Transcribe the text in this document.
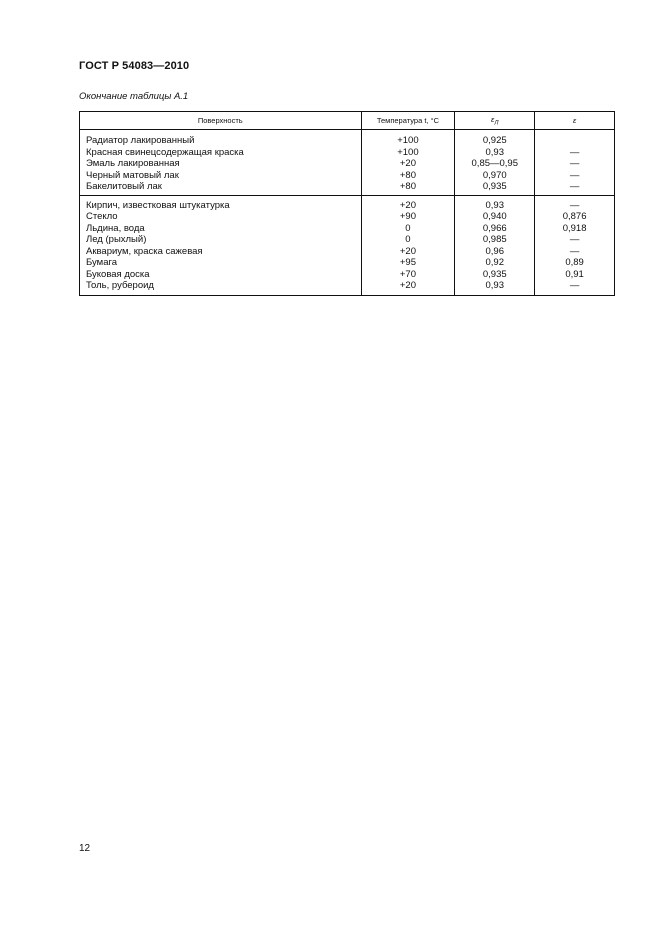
ГОСТ Р 54083—2010
Окончание таблицы А.1
Поверхность	Температура t, °С	$\varepsilon_Л$	ε
Радиатор лакированный	+100	0,925	
Красная свинецсодержащая краска	+100	0,93	—
Эмаль лакированная	+20	0,85—0,95	—
Черный матовый лак	+80	0,970	—
Бакелитовый лак	+80	0,935	—
Кирпич, известковая штукатурка	+20	0,93	—
Стекло	+90	0,940	0,876
Льдина, вода	0	0,966	0,918
Лед (рыхлый)	0	0,985	—
Аквариум, краска сажевая	+20	0,96	—
Бумага	+95	0,92	0,89
Буковая доска	+70	0,935	0,91
Толь, рубероид	+20	0,93	—
12
